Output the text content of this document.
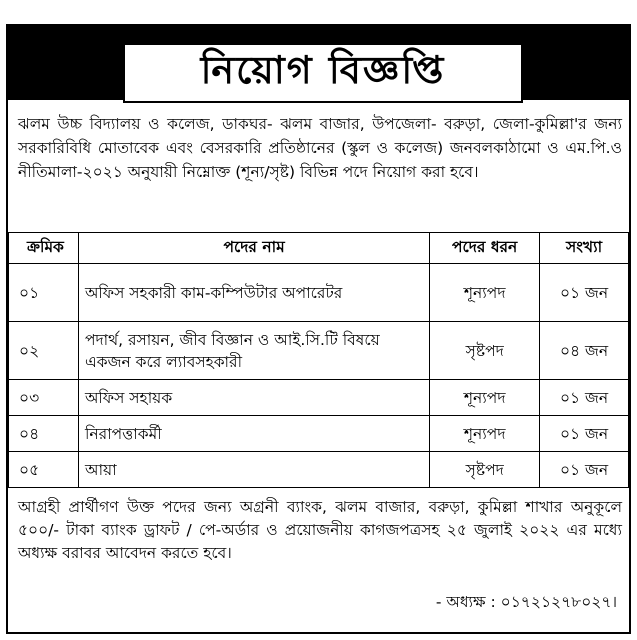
নিয়োগ বিজ্ঞপ্তি

ঝলম উচ্চ বিদ্যালয় ও কলেজ, ডাকঘর- ঝলম বাজার, উপজেলা- বরুড়া, জেলা-কুমিল্লা'র জন্য সরকারিবিধি মোতাবেক এবং বেসরকারি প্রতিষ্ঠানের (স্কুল ও কলেজ) জনবলকাঠামো ও এম.পি.ও নীতিমালা-২০২১ অনুযায়ী নিম্নোক্ত (শূন্য/সৃষ্ট) বিভিন্ন পদে নিয়োগ করা হবে।

ক্রমিক	পদের নাম	পদের ধরন	সংখ্যা
০১	অফিস সহকারী কাম-কম্পিউটার অপারেটর	শূন্যপদ	০১ জন
০২	পদার্থ, রসায়ন, জীব বিজ্ঞান ও আই.সি.টি বিষয়ে একজন করে ল্যাবসহকারী	সৃষ্টপদ	০৪ জন
০৩	অফিস সহায়ক	শূন্যপদ	০১ জন
০৪	নিরাপত্তাকর্মী	শূন্যপদ	০১ জন
০৫	আয়া	সৃষ্টপদ	০১ জন

আগ্রহী প্রার্থীগণ উক্ত পদের জন্য অগ্রনী ব্যাংক, ঝলম বাজার, বরুড়া, কুমিল্লা শাখার অনুকূলে ৫০০/- টাকা ব্যাংক ড্রাফট / পে-অর্ডার ও প্রয়োজনীয় কাগজপত্রসহ ২৫ জুলাই ২০২২ এর মধ্যে অধ্যক্ষ বরাবর আবেদন করতে হবে।

- অধ্যক্ষ : ০১৭২১২৭৮০২৭।
